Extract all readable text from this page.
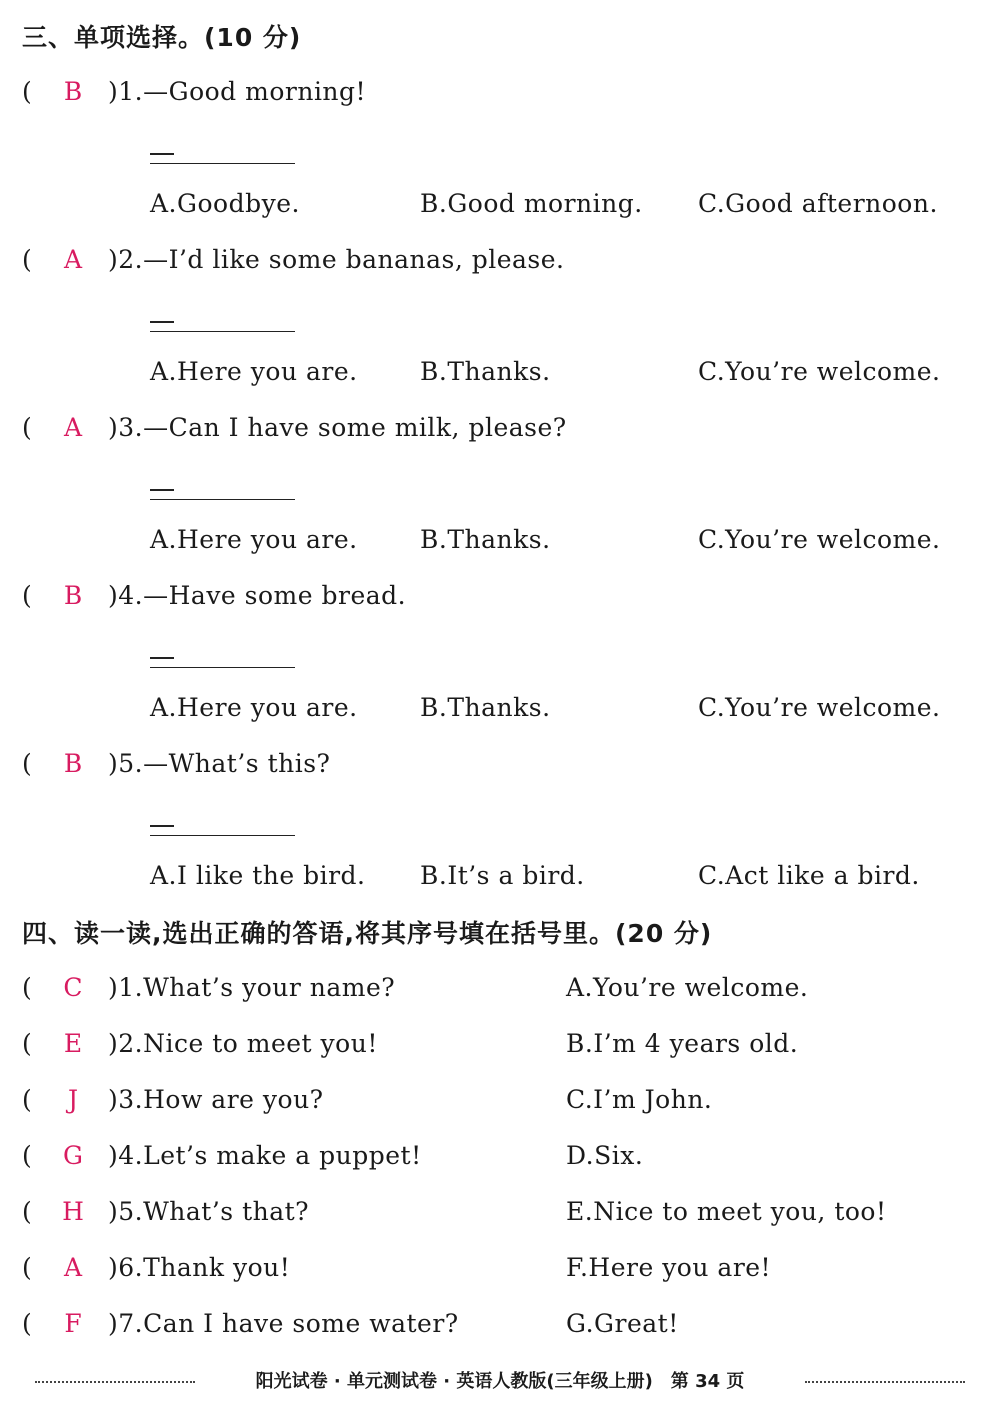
三、单项选择。(10 分)
( B )1.—Good morning!
A.Goodbye.	B.Good morning. C.Good afternoon.
( A )2.—I’d like some bananas, please.
A.Here you are. B.Thanks.	C.You’re welcome.
( A )3.—Can I have some milk, please?
A.Here you are. B.Thanks.	C.You’re welcome.
( B )4.—Have some bread.
A.Here you are. B.Thanks.	C.You’re welcome.
( B )5.—What’s this?
A.I like the bird. B.It’s a bird.	C.Act like a bird.
四、读一读,选出正确的答语,将其序号填在括号里。(20 分)
( C )1.What’s your name?	A.You’re welcome.
( E )2.Nice to meet you!	B.I’m 4 years old.
( J )3.How are you?	C.I’m John.
( G )4.Let’s make a puppet!	D.Six.
( H )5.What’s that?	E.Nice to meet you, too!
( A )6.Thank you!	F.Here you are!
( F )7.Can I have some water?	G.Great!
阳光试卷 · 单元测试卷 · 英语人教版(三年级上册)　第 34 页
